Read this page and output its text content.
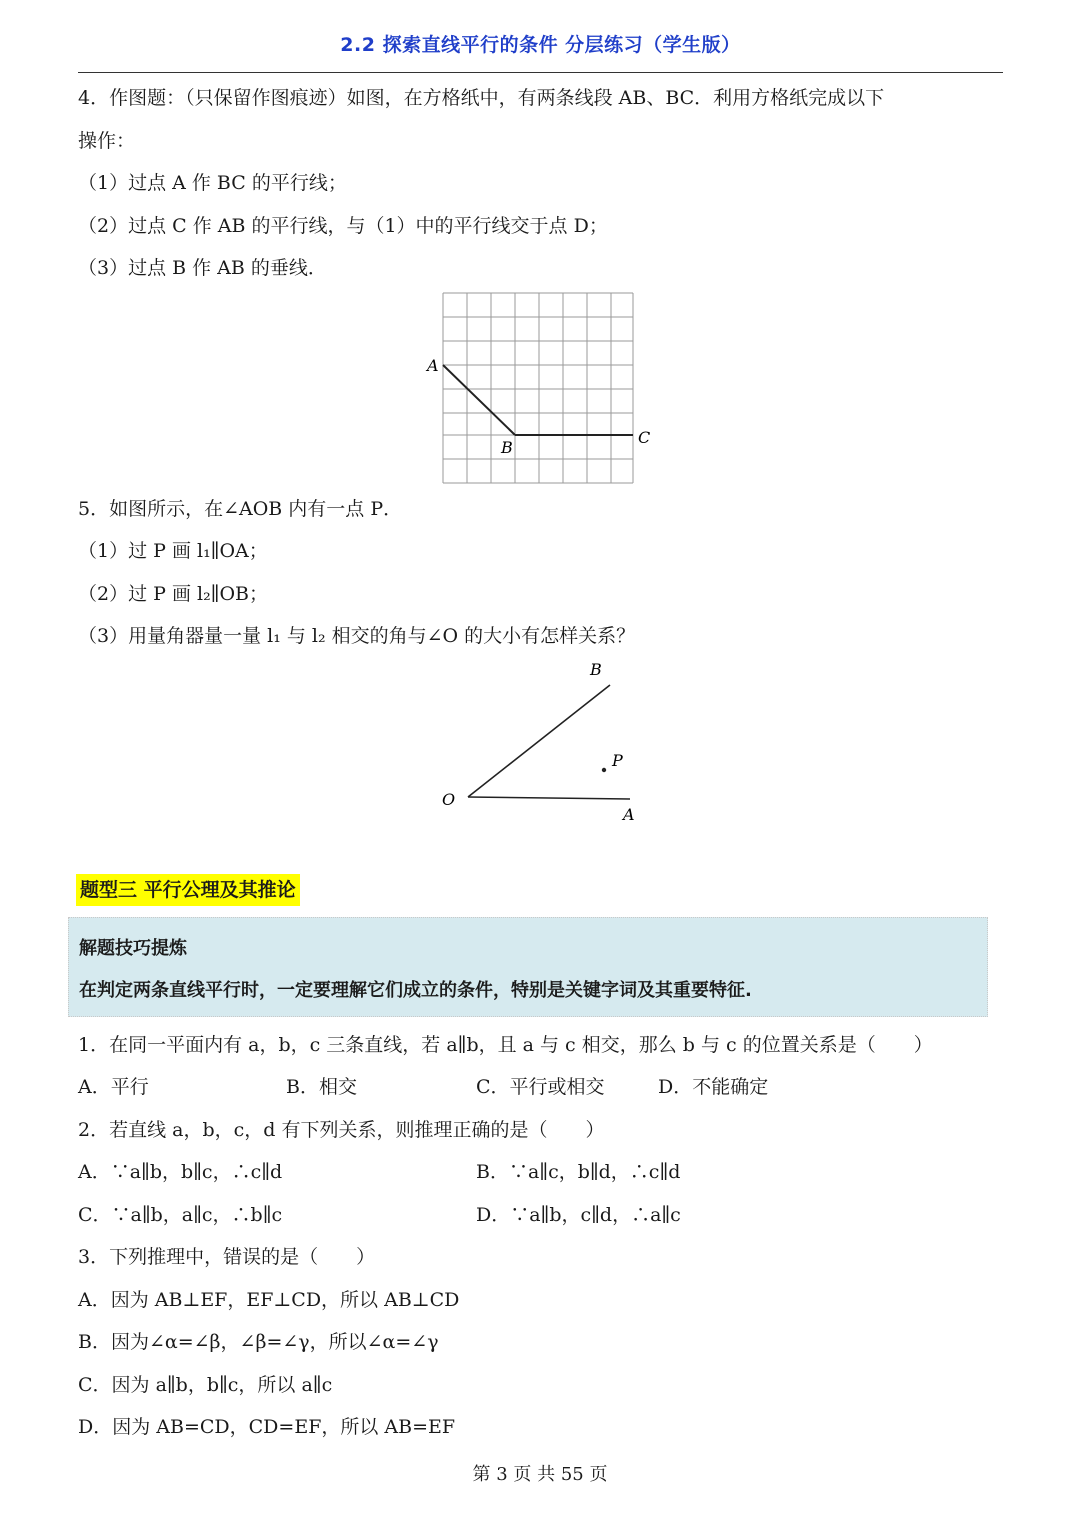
2.2 探索直线平行的条件 分层练习（学生版）
4．作图题：（只保留作图痕迹）如图，在方格纸中，有两条线段 AB、BC．利用方格纸完成以下
操作：
（1）过点 A 作 BC 的平行线；
（2）过点 C 作 AB 的平行线，与（1）中的平行线交于点 D；
（3）过点 B 作 AB 的垂线．
A
B
C
5．如图所示，在∠AOB 内有一点 P．
（1）过 P 画 l₁∥OA；
（2）过 P 画 l₂∥OB；
（3）用量角器量一量 l₁ 与 l₂ 相交的角与∠O 的大小有怎样关系？
O
B
A
P
题型三 平行公理及其推论
解题技巧提炼
在判定两条直线平行时，一定要理解它们成立的条件，特别是关键字词及其重要特征.
1．在同一平面内有 a，b，c 三条直线，若 a∥b，且 a 与 c 相交，那么 b 与 c 的位置关系是（　　）
A．平行	B．相交	C．平行或相交	D．不能确定
2．若直线 a，b，c，d 有下列关系，则推理正确的是（　　）
A．∵a∥b，b∥c，∴c∥d	B．∵a∥c，b∥d，∴c∥d
C．∵a∥b，a∥c，∴b∥c	D．∵a∥b，c∥d，∴a∥c
3．下列推理中，错误的是（　　）
A．因为 AB⊥EF，EF⊥CD，所以 AB⊥CD
B．因为∠α=∠β，∠β=∠γ，所以∠α=∠γ
C．因为 a∥b，b∥c，所以 a∥c
D．因为 AB=CD，CD=EF，所以 AB=EF
第 3 页 共 55 页
